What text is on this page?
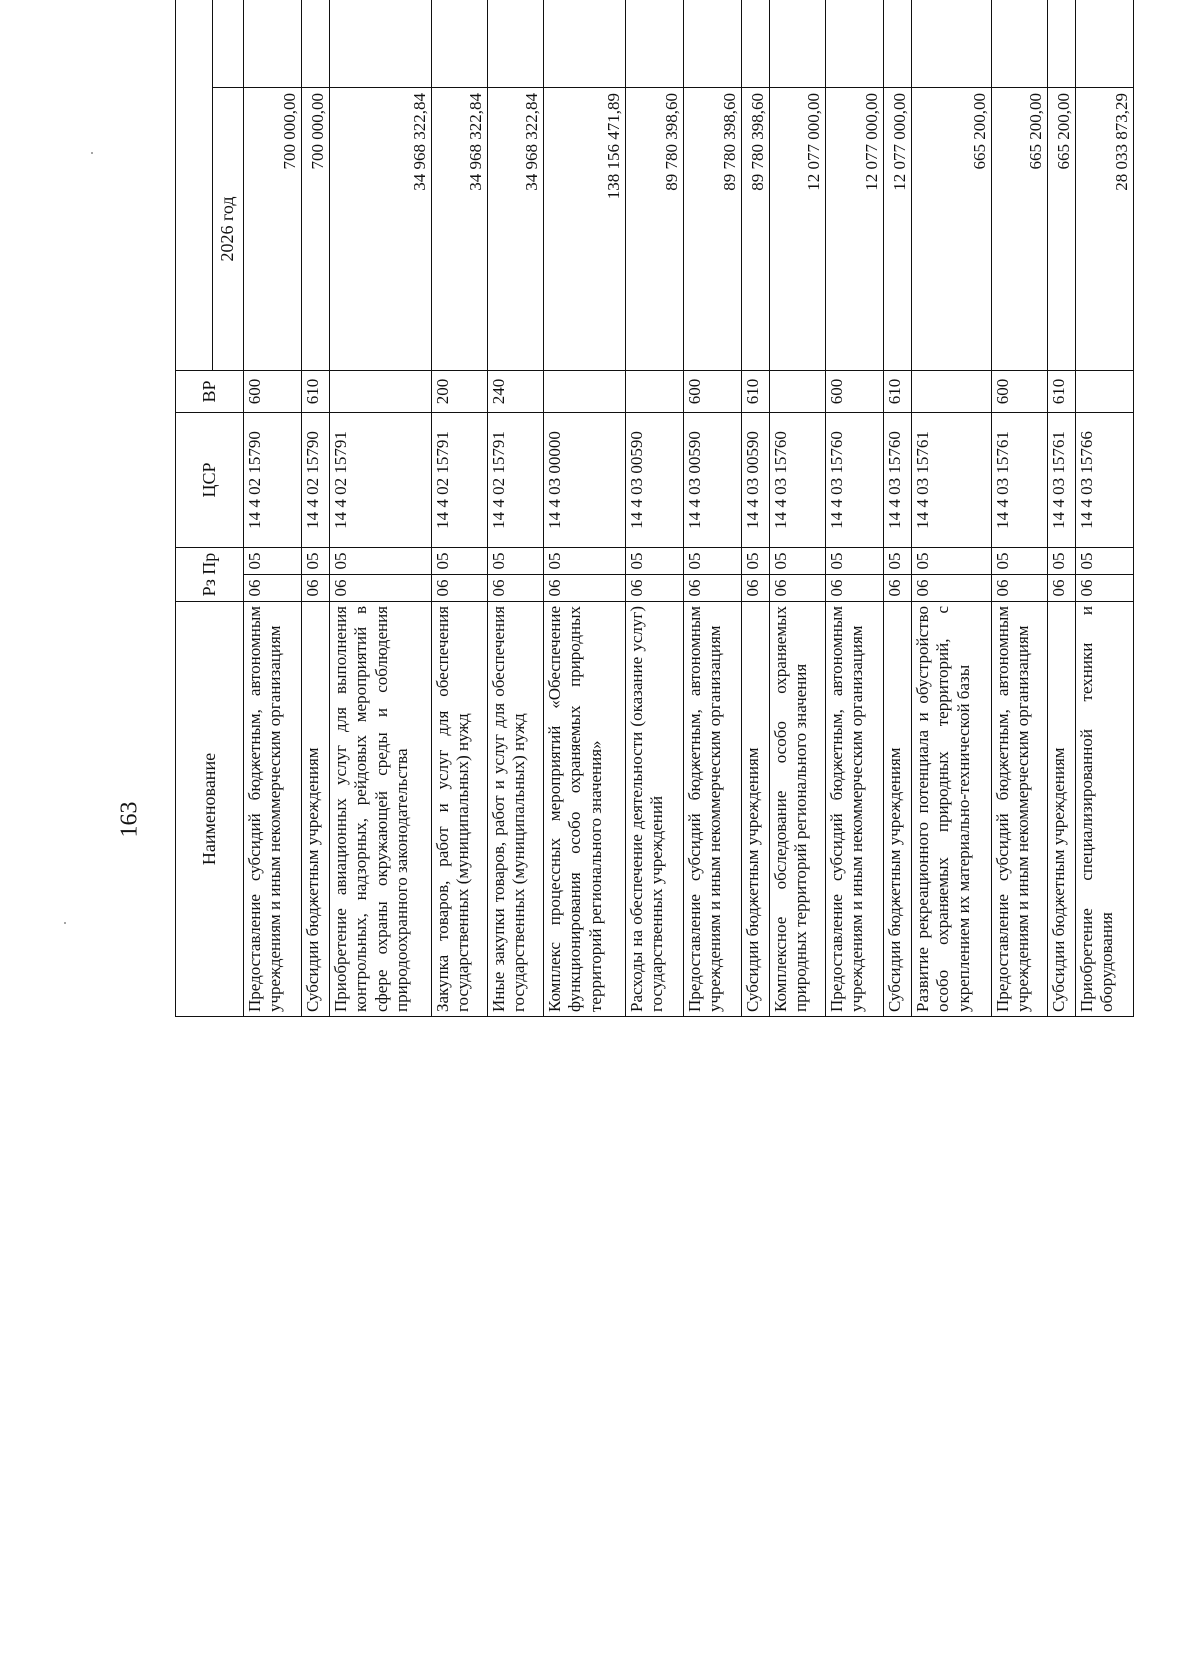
163	Наименование	Рз Пр		ЦСР	ВР	
					2026 год		
Предоставление субсидий бюджетным, автономным учреждениям и иным некоммерческим организациям	06	05	14 4 02 15790	600	700 000,00		
Субсидии бюджетным учреждениям	06	05	14 4 02 15790	610	700 000,00		
Приобретение авиационных услуг для выполнения контрольных, надзорных, рейдовых мероприятий в сфере охраны окружающей среды и соблюдения природоохранного законодательства	06	05	14 4 02 15791		34 968 322,84		
Закупка товаров, работ и услуг для обеспечения государственных (муниципальных) нужд	06	05	14 4 02 15791	200	34 968 322,84		
Иные закупки товаров, работ и услуг для обеспечения государственных (муниципальных) нужд	06	05	14 4 02 15791	240	34 968 322,84		
Комплекс процессных мероприятий «Обеспечение функционирования особо охраняемых природных территорий регионального значения»	06	05	14 4 03 00000		138 156 471,89		
Расходы на обеспечение деятельности (оказание услуг) государственных учреждений	06	05	14 4 03 00590		89 780 398,60		
Предоставление субсидий бюджетным, автономным учреждениям и иным некоммерческим организациям	06	05	14 4 03 00590	600	89 780 398,60		
Субсидии бюджетным учреждениям	06	05	14 4 03 00590	610	89 780 398,60		
Комплексное обследование особо охраняемых природных территорий регионального значения	06	05	14 4 03 15760		12 077 000,00		
Предоставление субсидий бюджетным, автономным учреждениям и иным некоммерческим организациям	06	05	14 4 03 15760	600	12 077 000,00		
Субсидии бюджетным учреждениям	06	05	14 4 03 15760	610	12 077 000,00		
Развитие рекреационного потенциала и обустройство особо охраняемых природных территорий, с укреплением их материально-технической базы	06	05	14 4 03 15761		665 200,00		
Предоставление субсидий бюджетным, автономным учреждениям и иным некоммерческим организациям	06	05	14 4 03 15761	600	665 200,00		
Субсидии бюджетным учреждениям	06	05	14 4 03 15761	610	665 200,00		
Приобретение специализированной техники и оборудования	06	05	14 4 03 15766		28 033 873,29		
